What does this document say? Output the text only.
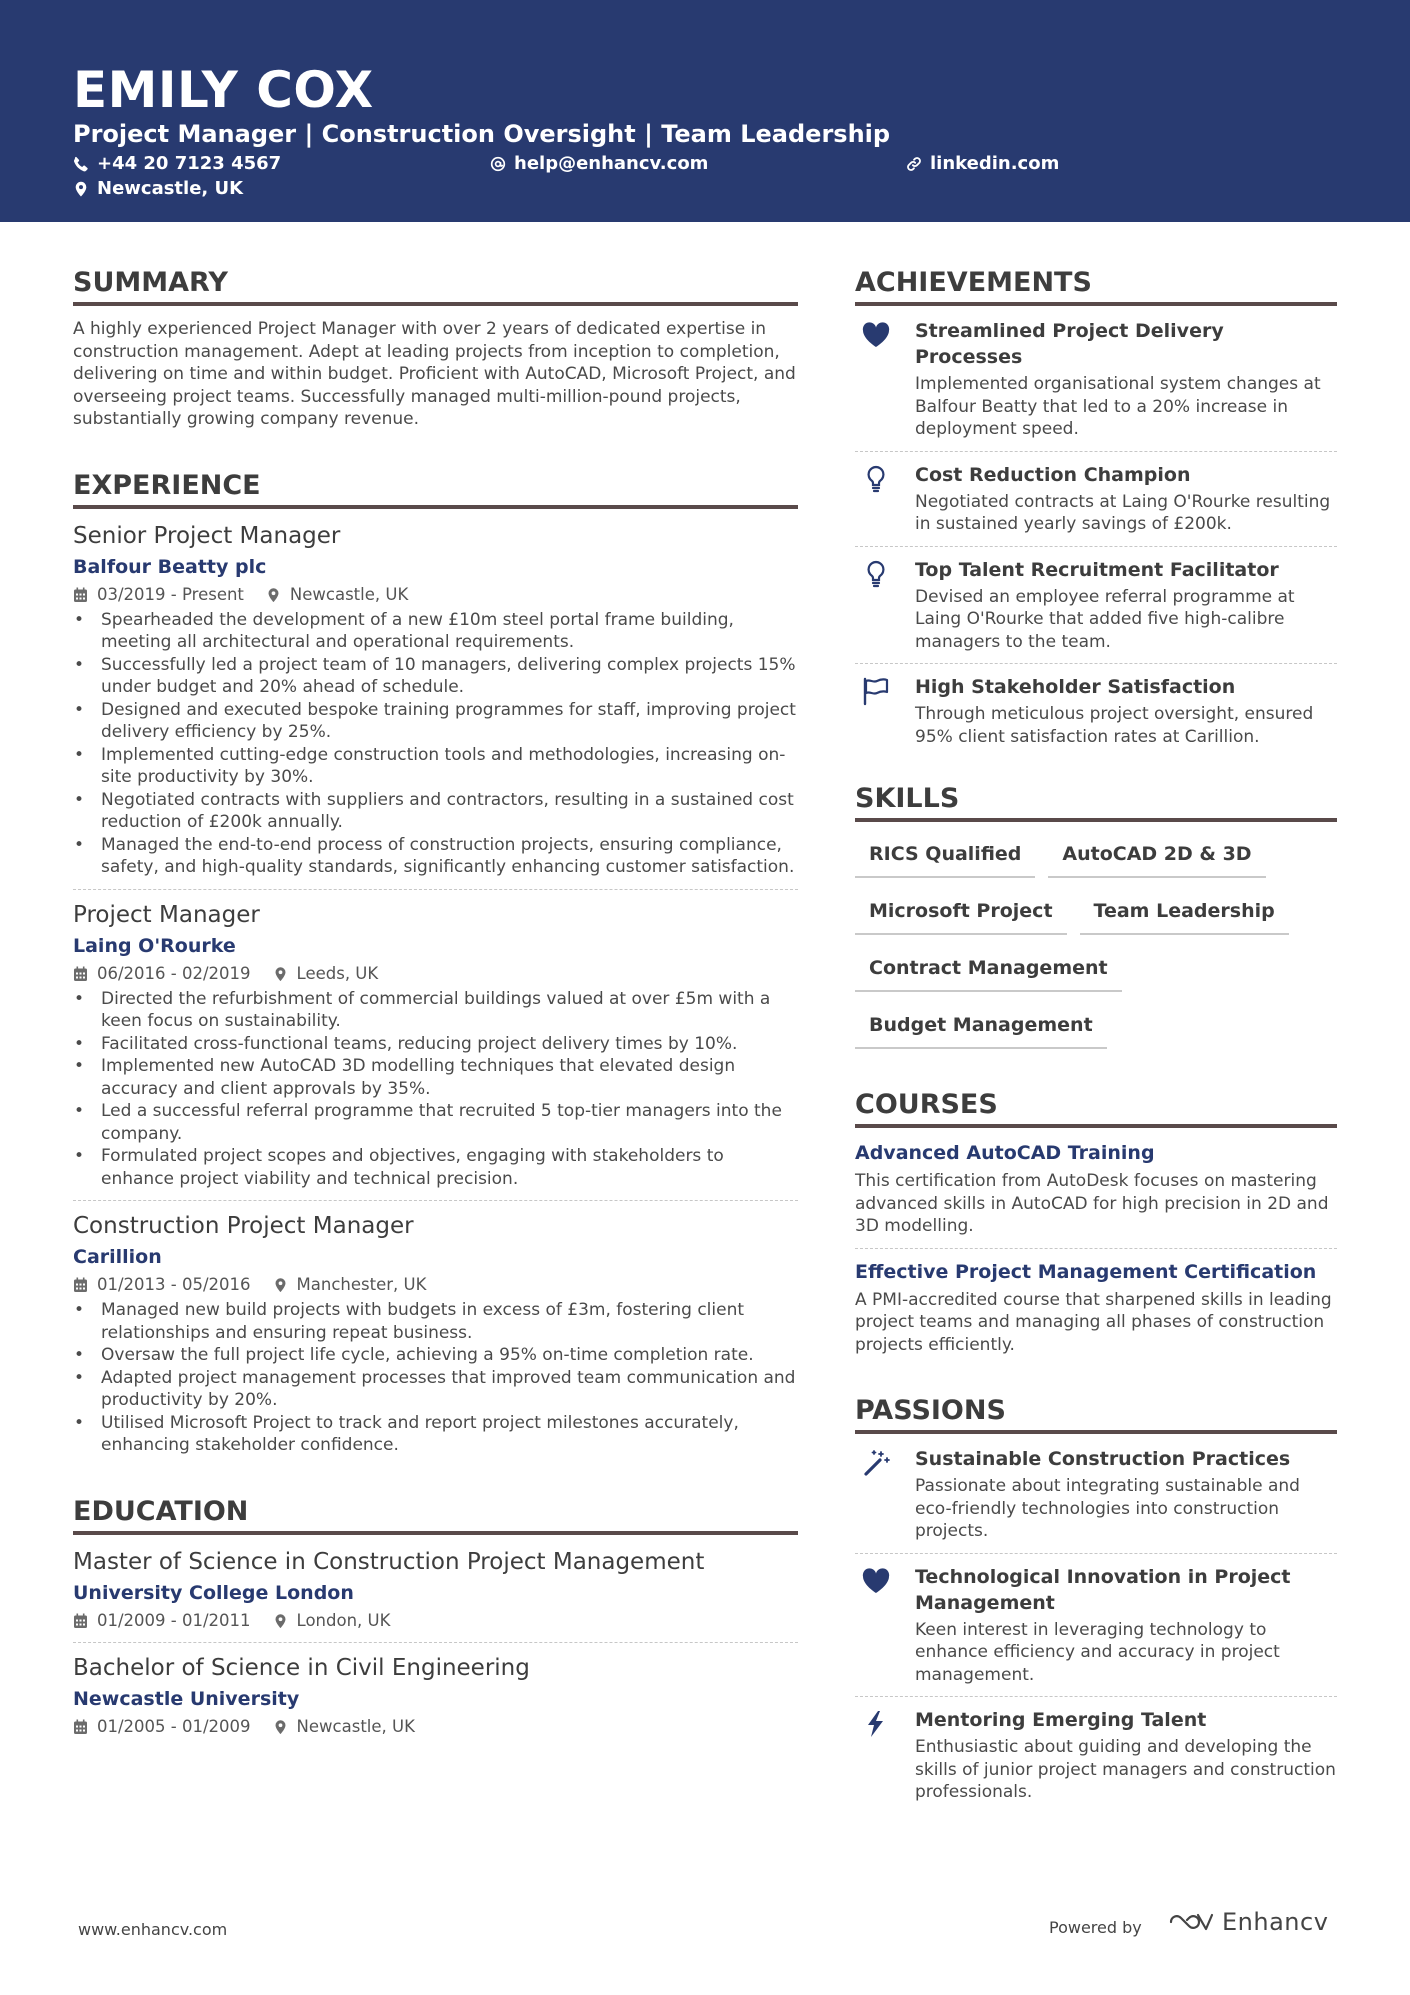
EMILY COX
Project Manager | Construction Oversight | Team Leadership
+44 20 7123 4567	help@enhancv.com	linkedin.com
Newcastle, UK
SUMMARY

A highly experienced Project Manager with over 2 years of dedicated expertise in construction management. Adept at leading projects from inception to completion, delivering on time and within budget. Proficient with AutoCAD, Microsoft Project, and overseeing project teams. Successfully managed multi-million-pound projects, substantially growing company revenue.

EXPERIENCE
Senior Project Manager
Balfour Beatty plc
03/2019 - Present	Newcastle, UK
• Spearheaded the development of a new £10m steel portal frame building, meeting all architectural and operational requirements.
• Successfully led a project team of 10 managers, delivering complex projects 15% under budget and 20% ahead of schedule.
• Designed and executed bespoke training programmes for staff, improving project delivery efficiency by 25%.
• Implemented cutting-edge construction tools and methodologies, increasing on-site productivity by 30%.
• Negotiated contracts with suppliers and contractors, resulting in a sustained cost reduction of £200k annually.
• Managed the end-to-end process of construction projects, ensuring compliance, safety, and high-quality standards, significantly enhancing customer satisfaction.
Project Manager
Laing O'Rourke
06/2016 - 02/2019	Leeds, UK
• Directed the refurbishment of commercial buildings valued at over £5m with a keen focus on sustainability.
• Facilitated cross-functional teams, reducing project delivery times by 10%.
• Implemented new AutoCAD 3D modelling techniques that elevated design accuracy and client approvals by 35%.
• Led a successful referral programme that recruited 5 top-tier managers into the company.
• Formulated project scopes and objectives, engaging with stakeholders to enhance project viability and technical precision.
Construction Project Manager
Carillion
01/2013 - 05/2016	Manchester, UK
• Managed new build projects with budgets in excess of £3m, fostering client relationships and ensuring repeat business.
• Oversaw the full project life cycle, achieving a 95% on-time completion rate.
• Adapted project management processes that improved team communication and productivity by 20%.
• Utilised Microsoft Project to track and report project milestones accurately, enhancing stakeholder confidence.
EDUCATION
Master of Science in Construction Project Management
University College London
01/2009 - 01/2011	London, UK
Bachelor of Science in Civil Engineering
Newcastle University
01/2005 - 01/2009	Newcastle, UK
ACHIEVEMENTS
Streamlined Project Delivery Processes
Implemented organisational system changes at Balfour Beatty that led to a 20% increase in deployment speed.
Cost Reduction Champion
Negotiated contracts at Laing O'Rourke resulting in sustained yearly savings of £200k.
Top Talent Recruitment Facilitator
Devised an employee referral programme at Laing O'Rourke that added five high-calibre managers to the team.
High Stakeholder Satisfaction
Through meticulous project oversight, ensured 95% client satisfaction rates at Carillion.
SKILLS
RICS Qualified	AutoCAD 2D & 3D
Microsoft Project	Team Leadership
Contract Management
Budget Management
COURSES
Advanced AutoCAD Training
This certification from AutoDesk focuses on mastering advanced skills in AutoCAD for high precision in 2D and 3D modelling.
Effective Project Management Certification
A PMI-accredited course that sharpened skills in leading project teams and managing all phases of construction projects efficiently.
PASSIONS
Sustainable Construction Practices
Passionate about integrating sustainable and eco-friendly technologies into construction projects.
Technological Innovation in Project Management
Keen interest in leveraging technology to enhance efficiency and accuracy in project management.
Mentoring Emerging Talent
Enthusiastic about guiding and developing the skills of junior project managers and construction professionals.
www.enhancv.com	Powered by	Enhancv
